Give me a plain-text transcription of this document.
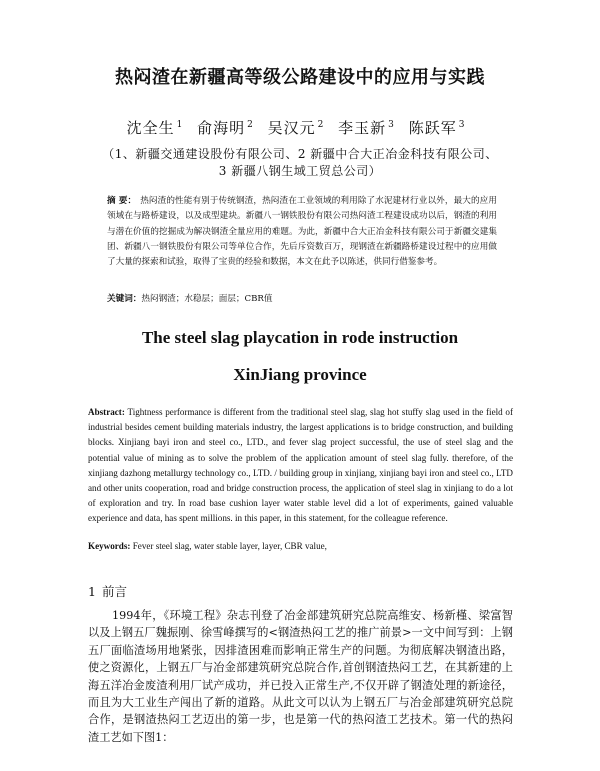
热闷渣在新疆高等级公路建设中的应用与实践
沈全生 $^1$ 俞海明 $^2$ 吴汉元 $^2$ 李玉新 $^3$ 陈跃军 $^3$
（1、新疆交通建设股份有限公司、2 新疆中合大正冶金科技有限公司、
3 新疆八钢生域工贸总公司）
摘 要： 热闷渣的性能有别于传统钢渣，热闷渣在工业领域的利用除了水泥建材行业以外，最大的应用领域在与路桥建设，以及成型建块。新疆八一钢铁股份有限公司热闷渣工程建设成功以后，钢渣的利用与潜在价值的挖掘成为解决钢渣全量应用的难题。为此，新疆中合大正冶金科技有限公司于新疆交建集团、新疆八一钢铁股份有限公司等单位合作，先后斥资数百万，现钢渣在新疆路桥建设过程中的应用做了大量的探索和试验，取得了宝贵的经验和数据，本文在此予以陈述，供同行借鉴参考。
关键词：热闷钢渣；水稳层；面层；CBR值
The steel slag playcation in rode instruction
XinJiang province
Abstract: Tightness performance is different from the traditional steel slag, slag hot stuffy slag used in the field of industrial besides cement building materials industry, the largest applications is to bridge construction, and building blocks. Xinjiang bayi iron and steel co., LTD., and fever slag project successful, the use of steel slag and the potential value of mining as to solve the problem of the application amount of steel slag fully. therefore, of the xinjiang dazhong metallurgy technology co., LTD. / building group in xinjiang, xinjiang bayi iron and steel co., LTD and other units cooperation, road and bridge construction process, the application of steel slag in xinjiang to do a lot of exploration and try. In road base cushion layer water stable level did a lot of experiments, gained valuable experience and data, has spent millions. in this paper, in this statement, for the colleague reference.
Keywords: Fever steel slag, water stable layer, layer, CBR value,
1 前言
1994年，《环境工程》杂志刊登了冶金部建筑研究总院高维安、杨新槿、梁富智以及上钢五厂魏振刚、徐雪峰撰写的<钢渣热闷工艺的推广前景>一文中间写到：上钢五厂面临渣场用地紧张，因排渣困难而影响正常生产的问题。为彻底解决钢渣出路，使之资源化，上钢五厂与冶金部建筑研究总院合作,首创钢渣热闷工艺，在其新建的上海五洋冶金废渣利用厂试产成功，并已投入正常生产,不仅开辟了钢渣处理的新途径，而且为大工业生产闯出了新的道路。从此文可以认为上钢五厂与冶金部建筑研究总院合作，是钢渣热闷工艺迈出的第一步，也是第一代的热闷渣工艺技术。第一代的热闷渣工艺如下图1：
